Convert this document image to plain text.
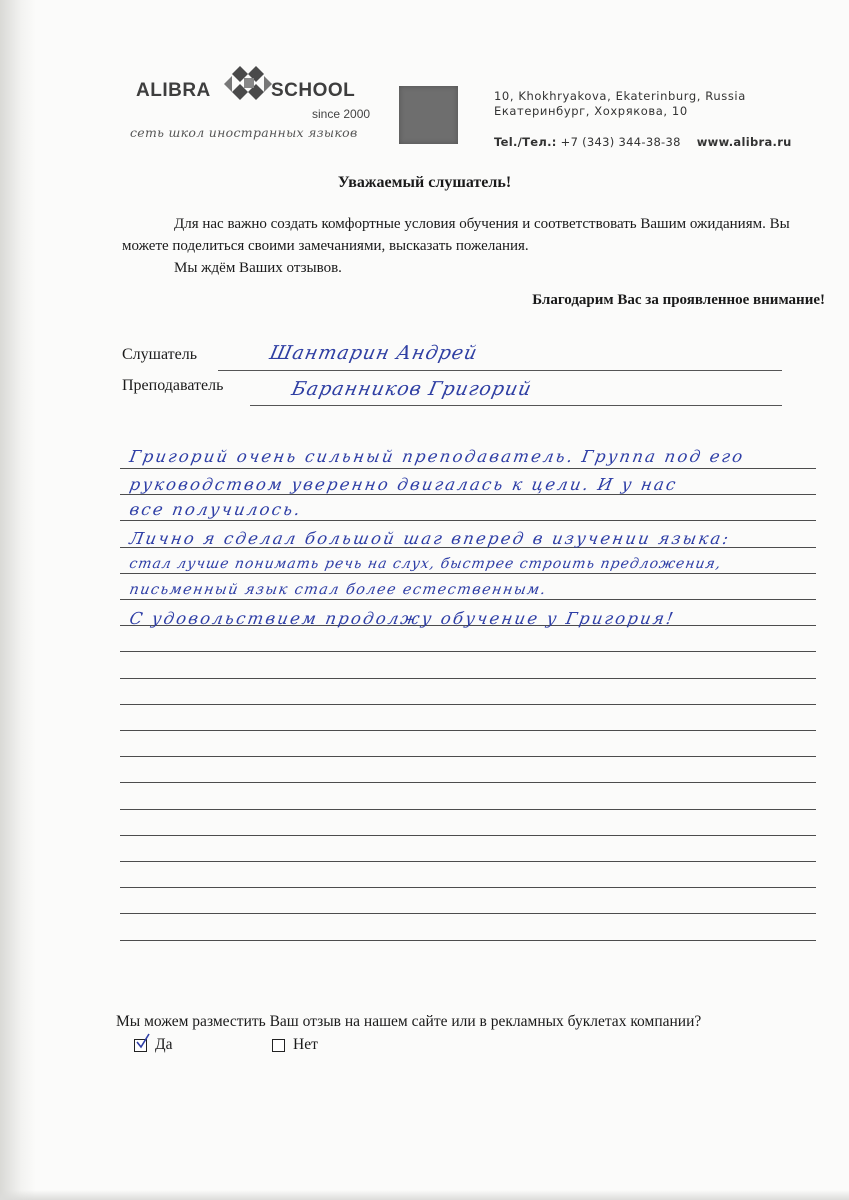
ALIBRA	SCHOOL
since 2000
сеть школ иностранных языков
10, Khokhryakova, Ekaterinburg, Russia
Екатеринбург, Хохрякова, 10
Tel./Тел.: +7 (343) 344-38-38 www.alibra.ru
Уважаемый слушатель!
Для нас важно создать комфортные условия обучения и соответствовать Вашим ожиданиям. Вы можете поделиться своими замечаниями, высказать пожелания.
Мы ждём Ваших отзывов.
Благодарим Вас за проявленное внимание!
Слушатель	Шантарин Андрей
Преподаватель	Баранников Григорий
Григорий очень сильный преподаватель. Группа под его
руководством уверенно двигалась к цели. И у нас
все получилось.
Лично я сделал большой шаг вперед в изучении языка:
стал лучше понимать речь на слух, быстрее строить предложения,
письменный язык стал более естественным.
С удовольствием продолжу обучение у Григория!
Мы можем разместить Ваш отзыв на нашем сайте или в рекламных буклетах компании?
Да	Нет
